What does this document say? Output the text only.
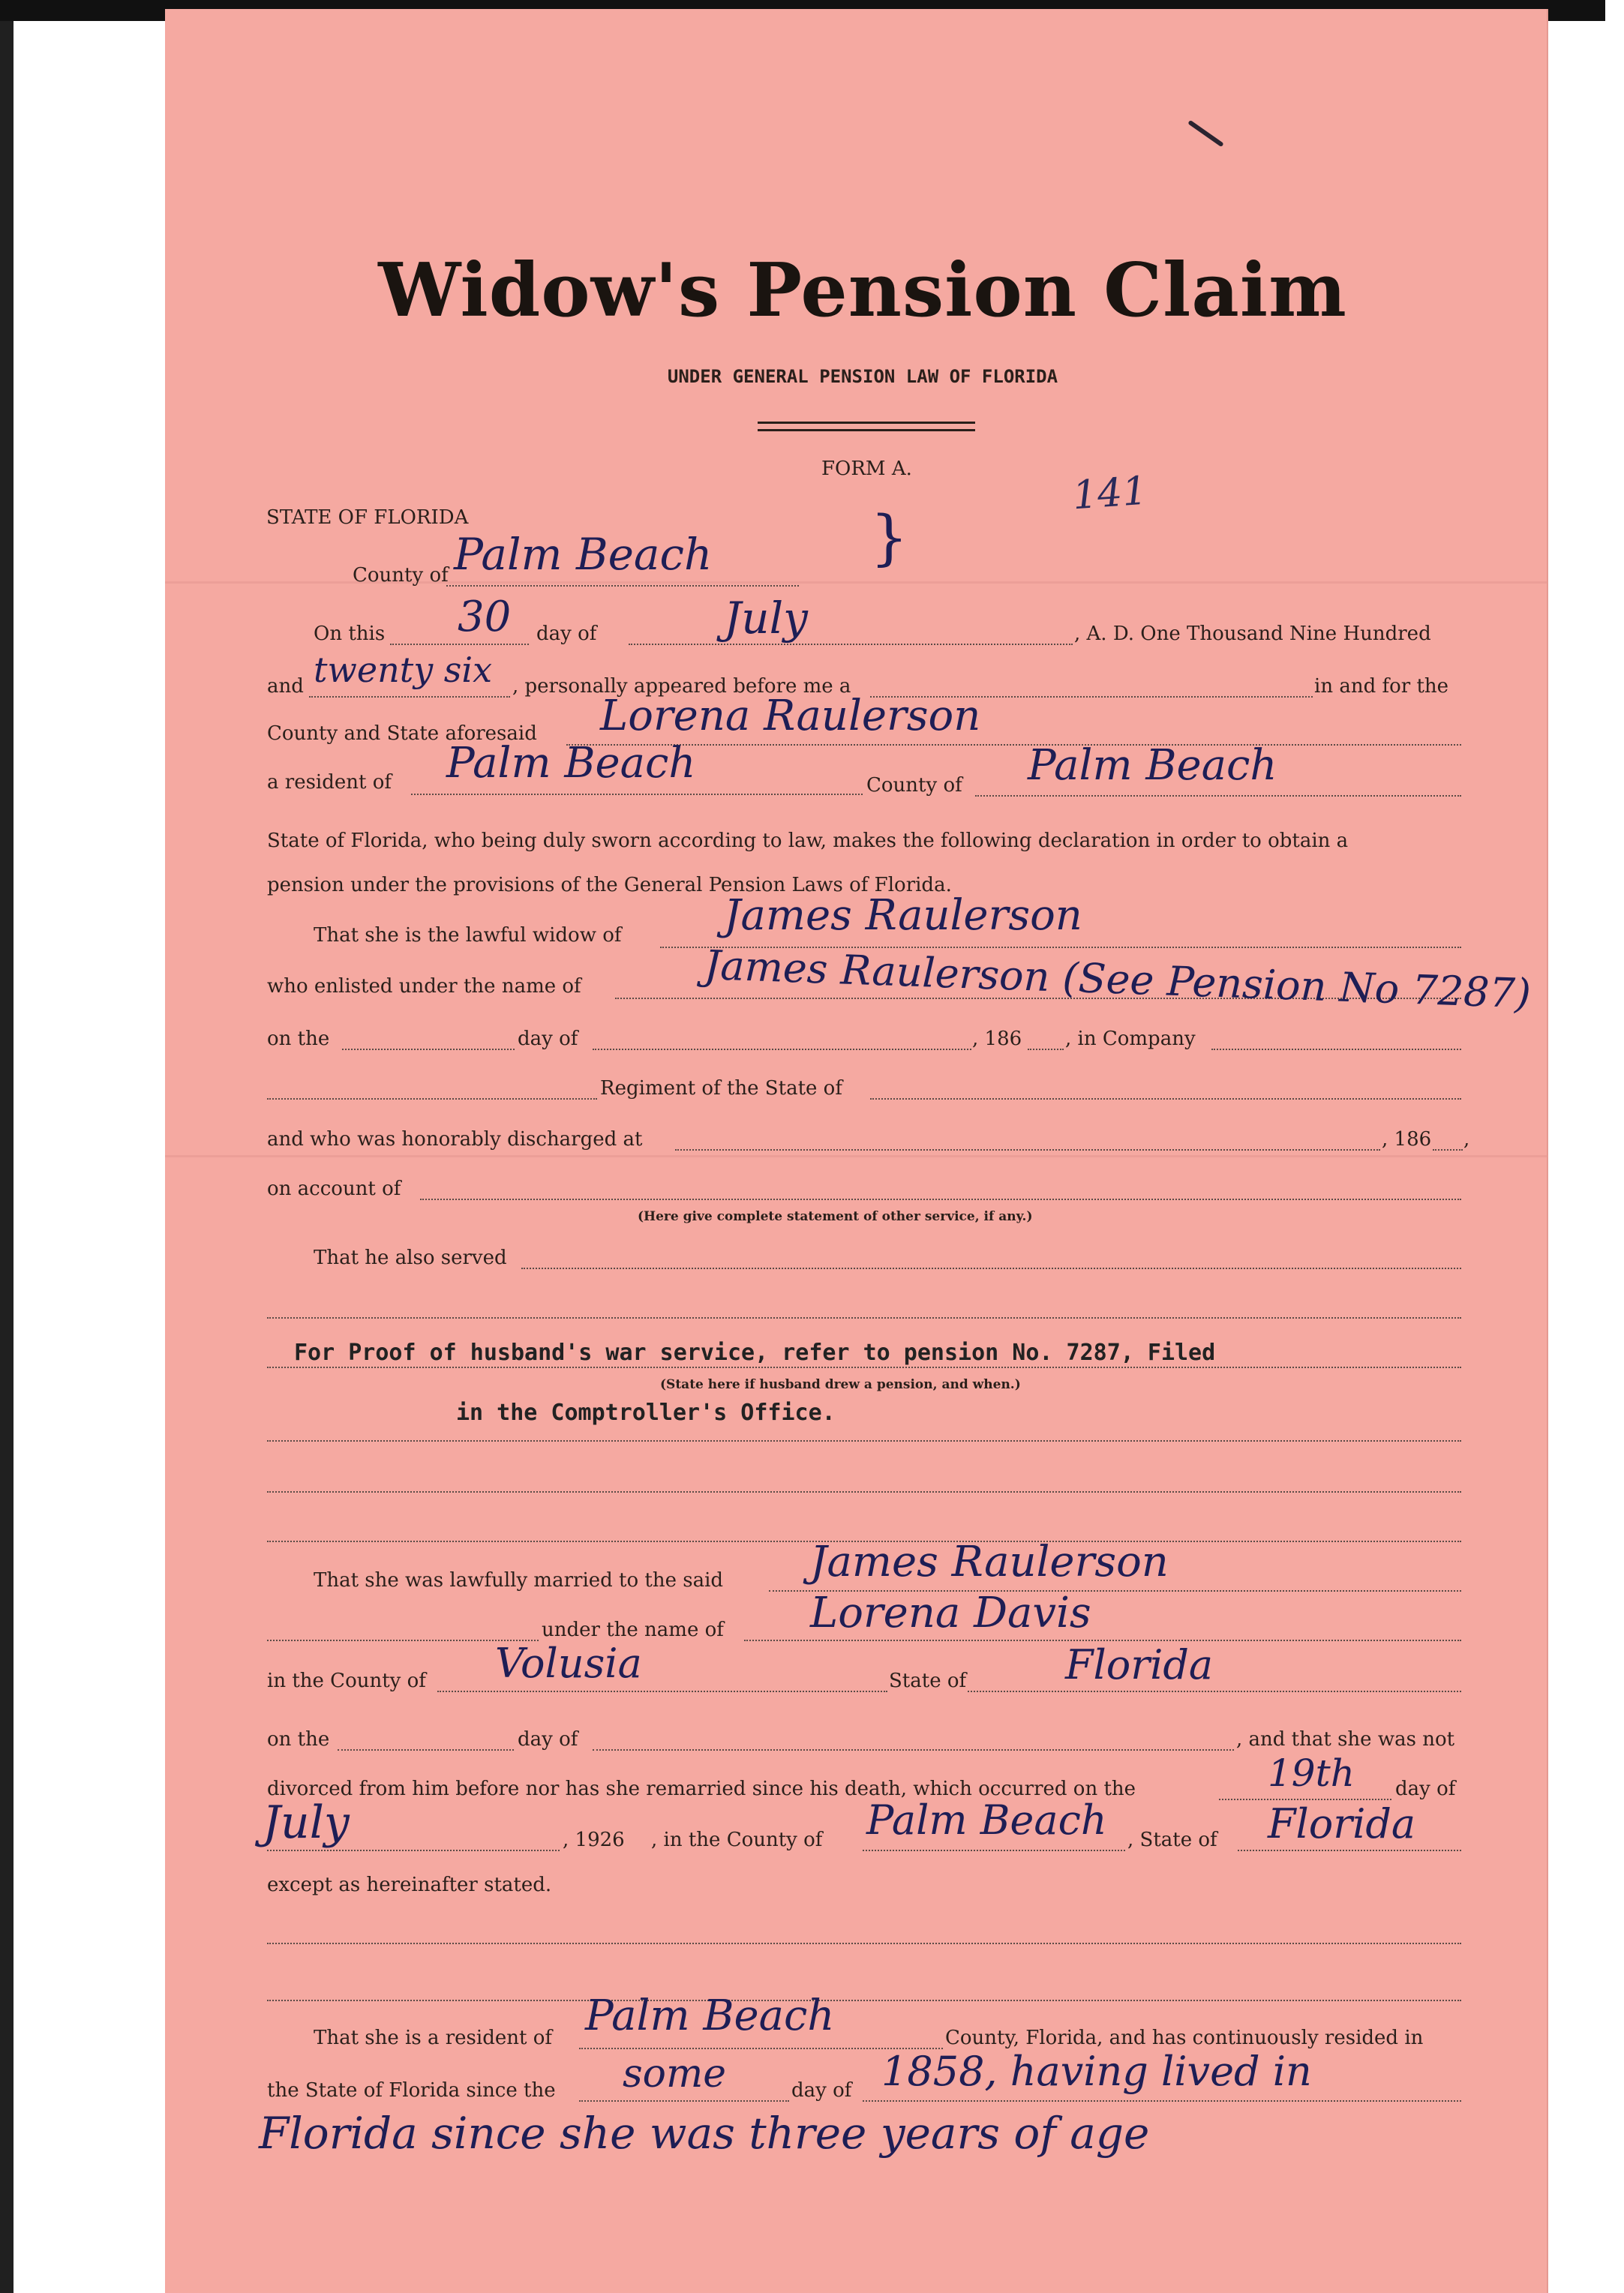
Widow's Pension Claim
UNDER GENERAL PENSION LAW OF FLORIDA
FORM A.	141
STATE OF FLORIDA
County of Palm Beach	}
On this 30 day of	July	, A. D. One Thousand Nine Hundred
and twenty six , personally appeared before me a	in and for the
County and State aforesaid Lorena Raulerson
a resident of Palm Beach	County of Palm Beach
State of Florida, who being duly sworn according to law, makes the following declaration in order to obtain a
pension under the provisions of the General Pension Laws of Florida.
That she is the lawful widow of James Raulerson
who enlisted under the name of	James Raulerson (See Pension No 7287)
on the	day of	, 186 , in Company
Regiment of the State of
and who was honorably discharged at	, 186 ,
on account of
(Here give complete statement of other service, if any.)
That he also served
For Proof of husband's war service, refer to pension No. 7287, Filed
(State here if husband drew a pension, and when.)
in the Comptroller's Office.
That she was lawfully married to the said James Raulerson
under the name of Lorena Davis
in the County of Volusia	State of Florida
on the	day of	, and that she was not
divorced from him before nor has she remarried since his death, which occurred on the	19th day of
July	, 1926 , in the County of Palm Beach , State of Florida
except as hereinafter stated.
That she is a resident of Palm Beach	County, Florida, and has continuously resided in
the State of Florida since the some	day of 1858, having lived in
Florida since she was three years of age
